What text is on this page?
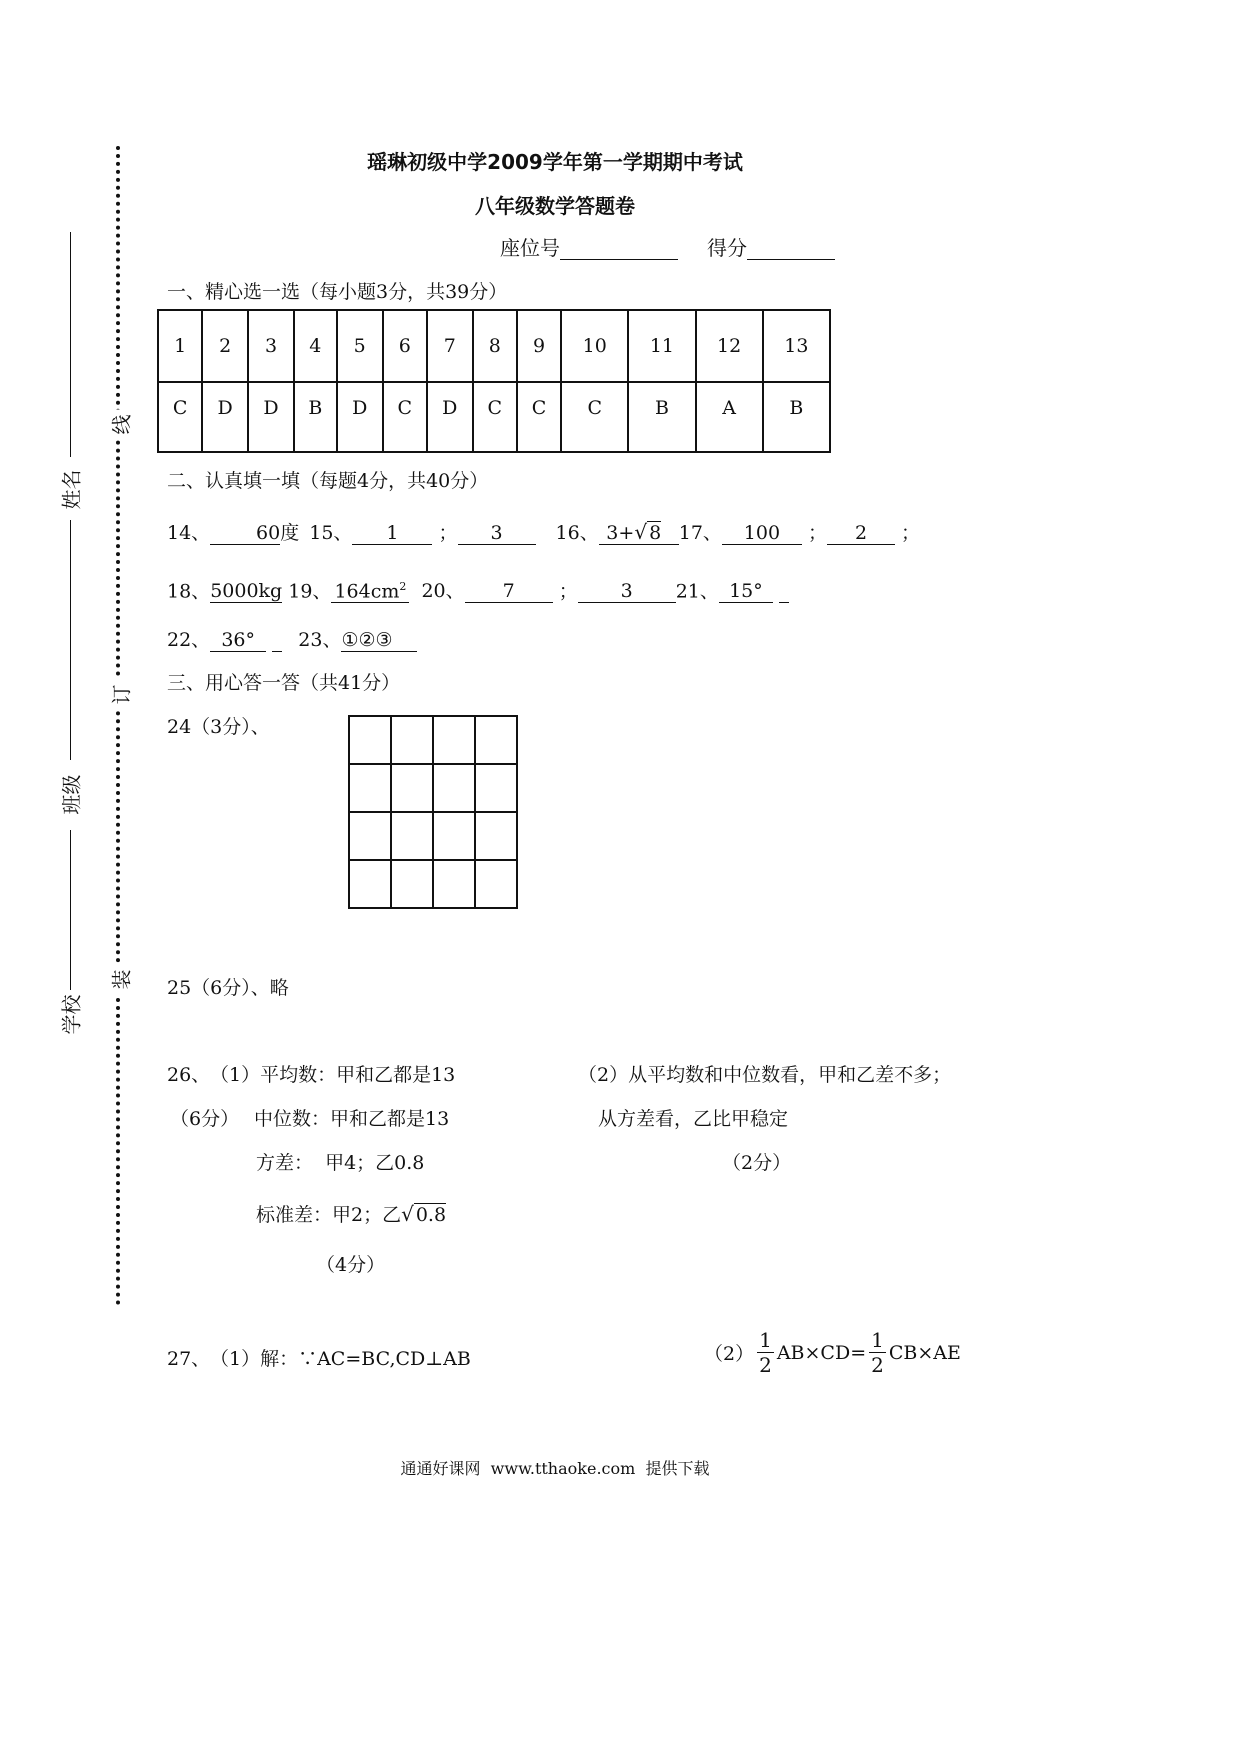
姓名
班级
学校
线
订
装
瑶琳初级中学2009学年第一学期期中考试
八年级数学答题卷
座位号	得分
一、精心选一选（每小题3分，共39分）
1	2	3	4	5	6	7	8	9	10	11	12	13
C	D	D	B	D	C	D	C	C	C	B	A	B
二、认真填一填（每题4分，共40分）
14、 60度 15、 1 ； 3	16、 3+√ 8 17、 100 ； 2 ；
18、5000kg 19、 $164cm^2$ 20、 7 ； 3 21、 15°
22、 36° 23、①②③
三、用心答一答（共41分）
24（3分）、

25（6分）、略
26、 （1）平均数：甲和乙都是13
（6分） 中位数：甲和乙都是13
方差：  甲4；乙0.8
标准差：甲2；乙√ 0.8
（4分）
（2）从平均数和中位数看，甲和乙差不多；
从方差看，乙比甲稳定
（2分）
27、 （1）解：∵AC=BC,CD⊥AB	$(2) \frac{1}{2} AB\times CD= \frac{1}{2} CB\times AE$
通通好课网  www.tthaoke.com  提供下载
